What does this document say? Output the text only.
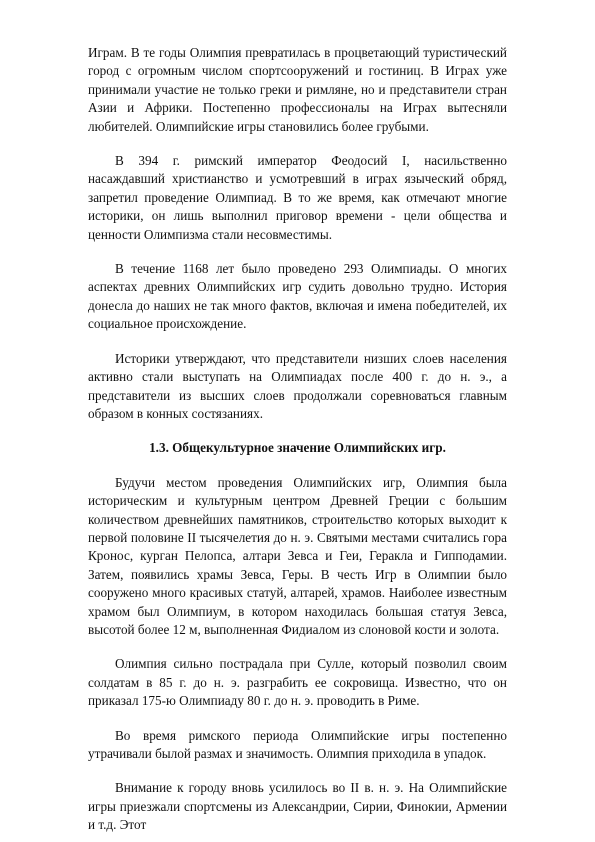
Играм. В те годы Олимпия превратилась в процветающий туристический город с огромным числом спортсооружений и гостиниц. В Играх уже принимали участие не только греки и римляне, но и представители стран Азии и Африки. Постепенно профессионалы на Играх вытесняли любителей. Олимпийские игры становились более грубыми.

В 394 г. римский император Феодосий I, насильственно насаждавший христианство и усмотревший в играх языческий обряд, запретил проведение Олимпиад. В то же время, как отмечают многие историки, он лишь выполнил приговор времени - цели общества и ценности Олимпизма стали несовместимы.

В течение 1168 лет было проведено 293 Олимпиады. О многих аспектах древних Олимпийских игр судить довольно трудно. История донесла до наших не так много фактов, включая и имена победителей, их социальное происхождение.

Историки утверждают, что представители низших слоев населения активно стали выступать на Олимпиадах после 400 г. до н. э., а представители из высших слоев продолжали соревноваться главным образом в конных состязаниях.

1.3. Общекультурное значение Олимпийских игр.

Будучи местом проведения Олимпийских игр, Олимпия была историческим и культурным центром Древней Греции с большим количеством древнейших памятников, строительство которых выходит к первой половине II тысячелетия до н. э. Святыми местами считались гора Кронос, курган Пелопса, алтари Зевса и Геи, Геракла и Гипподамии. Затем, появились храмы Зевса, Геры. В честь Игр в Олимпии было сооружено много красивых статуй, алтарей, храмов. Наиболее известным храмом был Олимпиум, в котором находилась большая статуя Зевса, высотой более 12 м, выполненная Фидиалом из слоновой кости и золота.

Олимпия сильно пострадала при Сулле, который позволил своим солдатам в 85 г. до н. э. разграбить ее сокровища. Известно, что он приказал 175-ю Олимпиаду 80 г. до н. э. проводить в Риме.

Во время римского периода Олимпийские игры постепенно утрачивали былой размах и значимость. Олимпия приходила в упадок.

Внимание к городу вновь усилилось во II в. н. э. На Олимпийские игры приезжали спортсмены из Александрии, Сирии, Финокии, Армении и т.д. Этот
